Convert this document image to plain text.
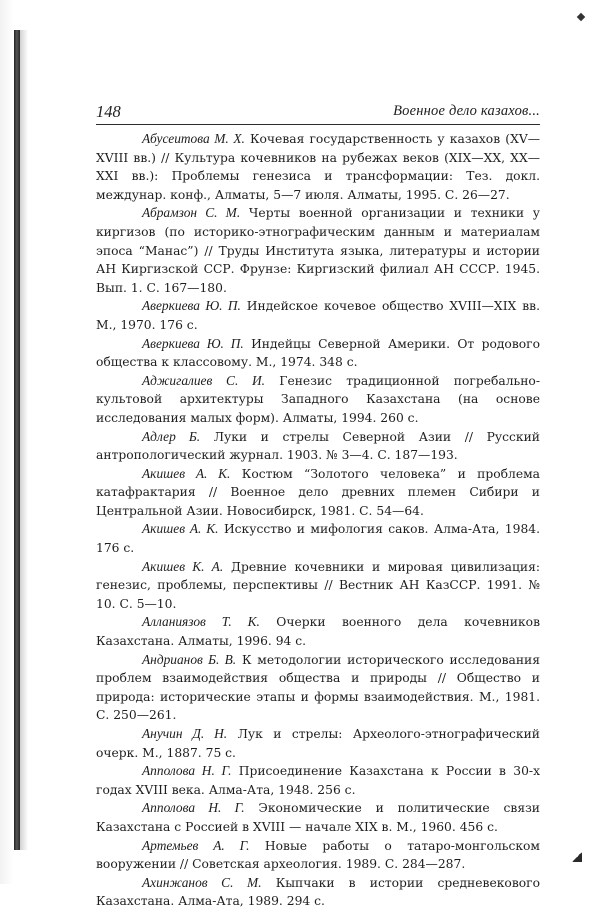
148	Военное дело казахов...

Абусеитова М. Х. Кочевая государственность у казахов (XV—XVIII вв.) // Культура кочевников на рубежах веков (XIX—XX, XX—XXI вв.): Проблемы генезиса и трансформации: Тез. докл. междунар. конф., Алматы, 5—7 июля. Алматы, 1995. С. 26—27.

Абрамзон С. М. Черты военной организации и техники у киргизов (по историко-этнографическим данным и материалам эпоса “Манас”) // Труды Института языка, литературы и истории АН Киргизской ССР. Фрунзе: Киргизский филиал АН СССР. 1945. Вып. 1. С. 167—180.

Аверкиева Ю. П. Индейское кочевое общество XVIII—XIX вв. М., 1970. 176 с.

Аверкиева Ю. П. Индейцы Северной Америки. От родового общества к классовому. М., 1974. 348 с.

Аджигалиев С. И. Генезис традиционной погребально-культовой архитектуры Западного Казахстана (на основе исследования малых форм). Алматы, 1994. 260 с.

Адлер Б. Луки и стрелы Северной Азии // Русский антропологический журнал. 1903. № 3—4. С. 187—193.

Акишев А. К. Костюм “Золотого человека” и проблема катафрактария // Военное дело древних племен Сибири и Центральной Азии. Новосибирск, 1981. С. 54—64.

Акишев А. К. Искусство и мифология саков. Алма-Ата, 1984. 176 с.

Акишев К. А. Древние кочевники и мировая цивилизация: генезис, проблемы, перспективы // Вестник АН КазССР. 1991. № 10. С. 5—10.

Алланиязов Т. К. Очерки военного дела кочевников Казахстана. Алматы, 1996. 94 с.

Андрианов Б. В. К методологии исторического исследования проблем взаимодействия общества и природы // Общество и природа: исторические этапы и формы взаимодействия. М., 1981. С. 250—261.

Анучин Д. Н. Лук и стрелы: Археолого-этнографический очерк. М., 1887. 75 с.

Апполова Н. Г. Присоединение Казахстана к России в 30-х годах XVIII века. Алма-Ата, 1948. 256 с.

Апполова Н. Г. Экономические и политические связи Казахстана с Россией в XVIII — начале XIX в. М., 1960. 456 с.

Артемьев А. Г. Новые работы о татаро-монгольском вооружении // Советская археология. 1989. С. 284—287.

Ахинжанов С. М. Кыпчаки в истории средневекового Казахстана. Алма-Ата, 1989. 294 с.
